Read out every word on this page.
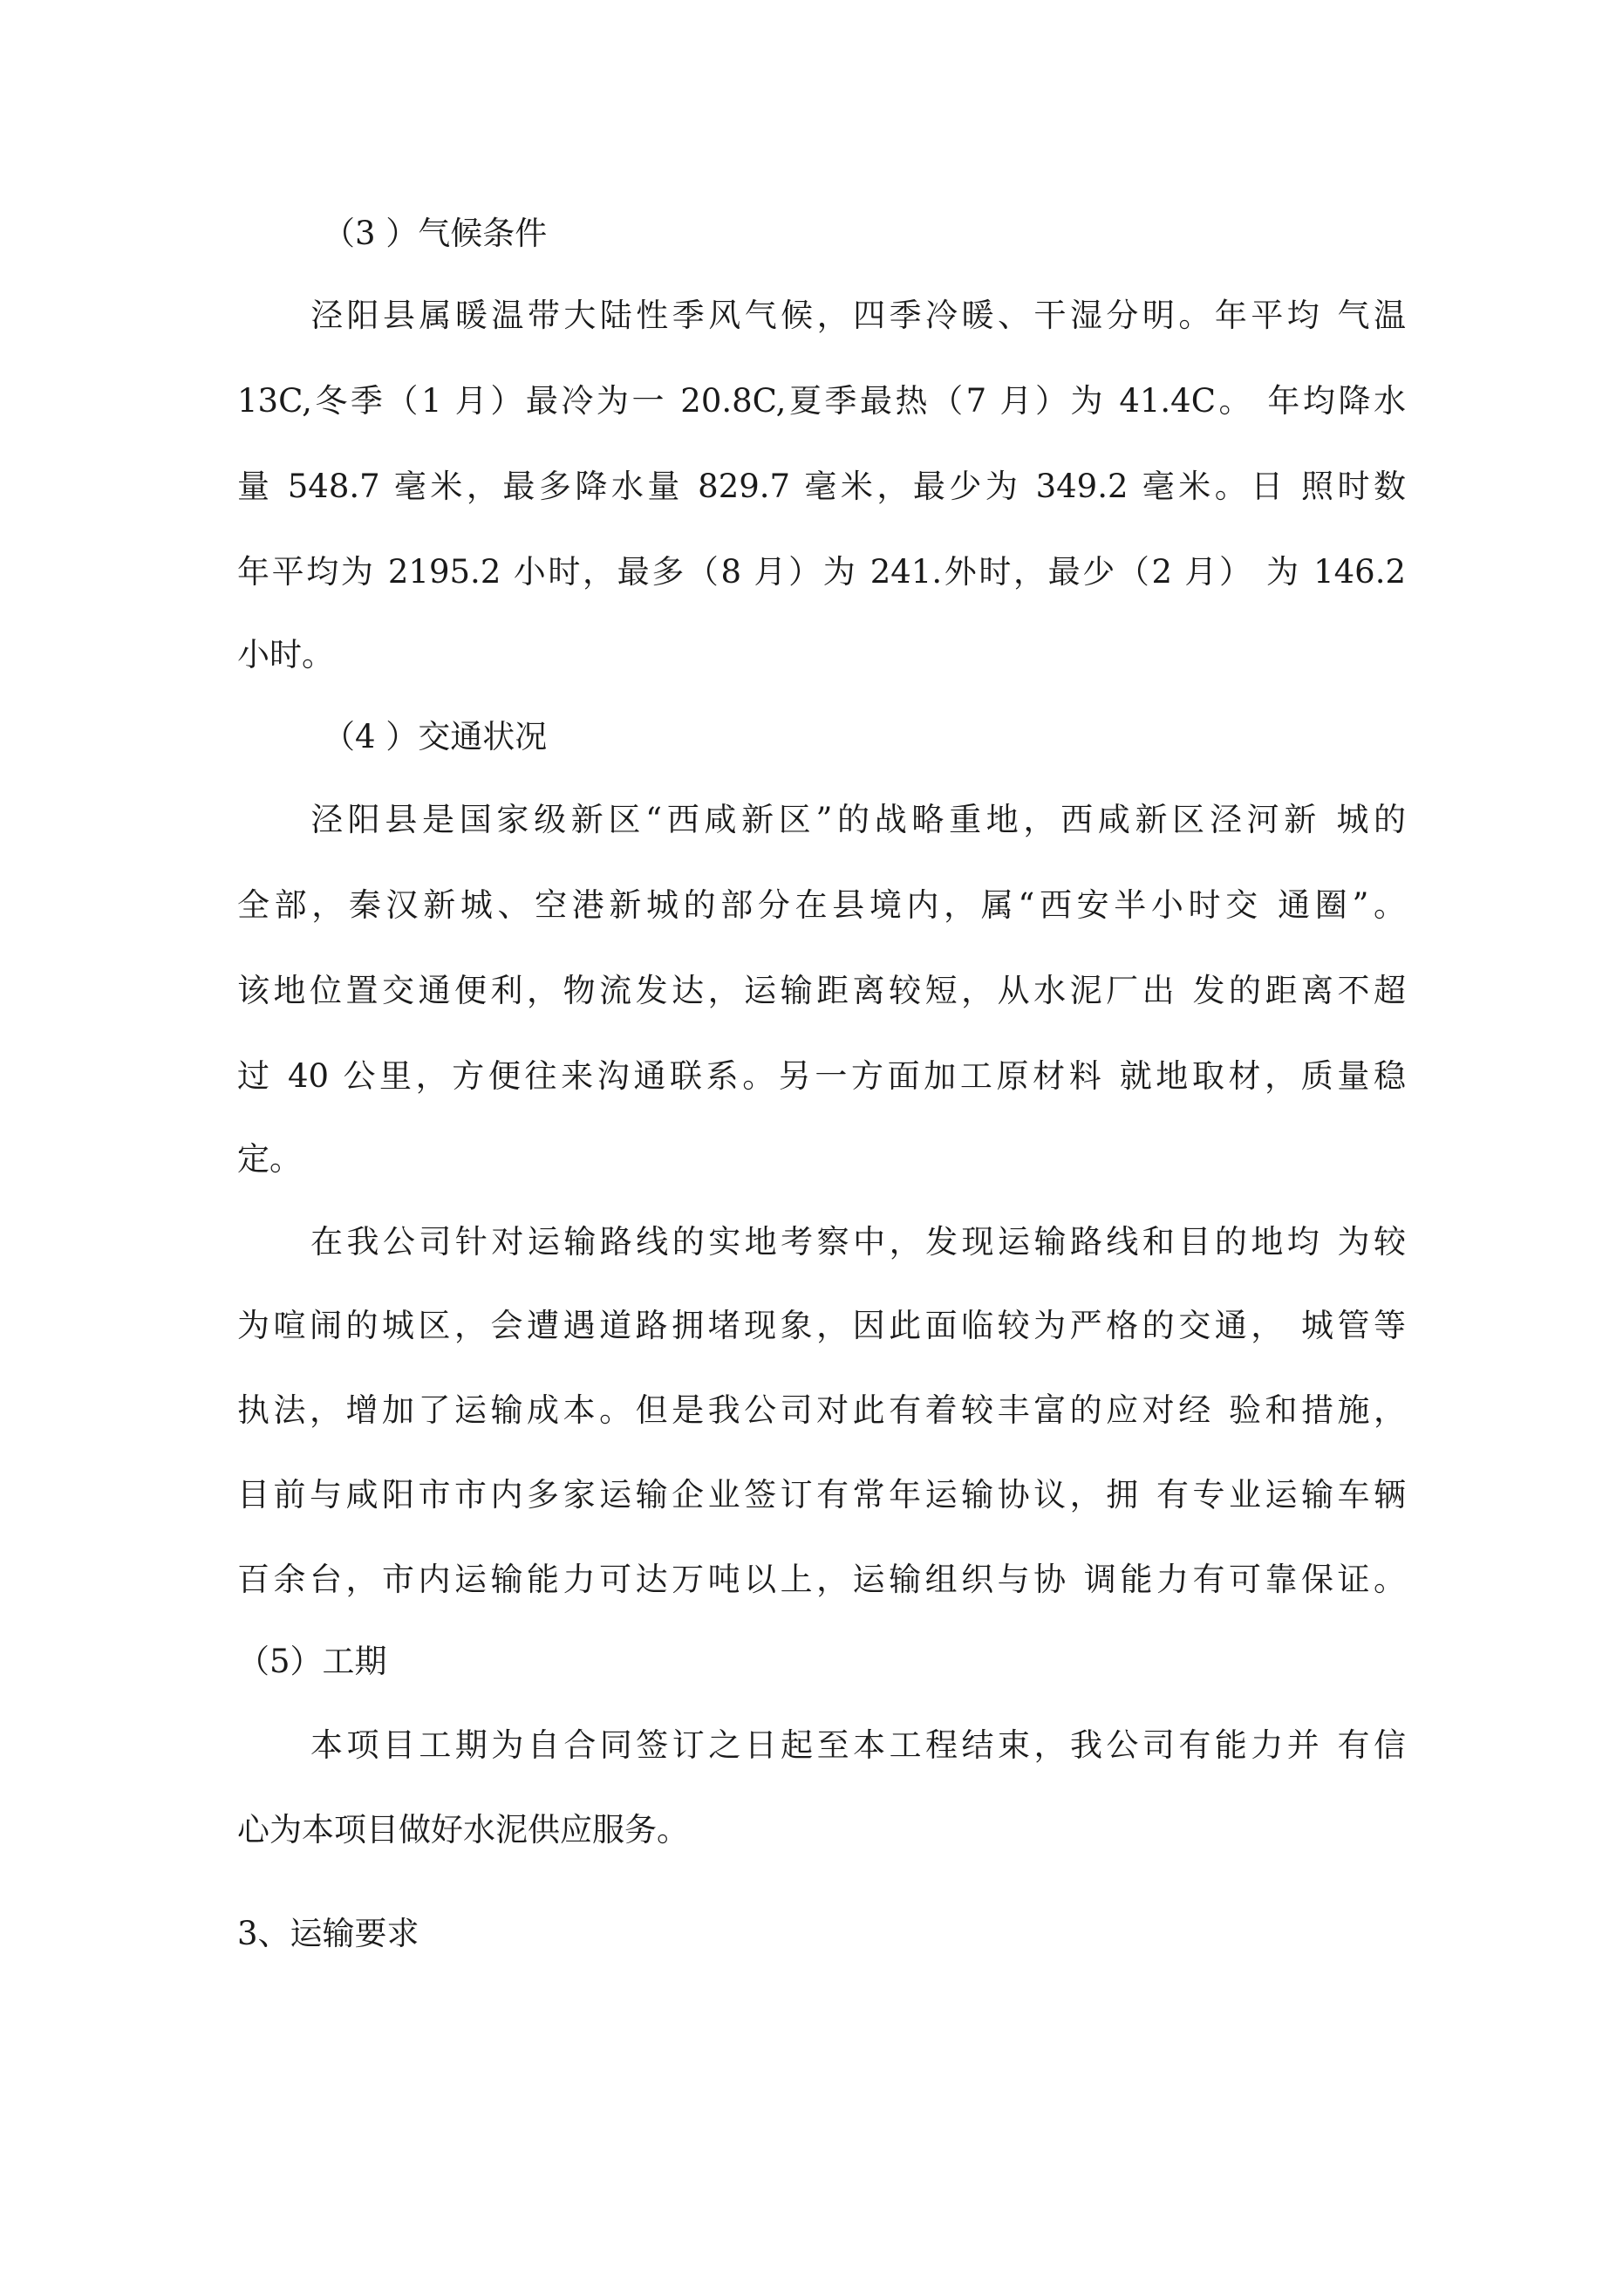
（3 ）气候条件
泾阳县属暖温带大陆性季风气候，四季冷暖、干湿分明。年平均 气温
13C,冬季（1 月）最冷为一 20.8C,夏季最热（7 月）为 41.4C。 年均降水
量 548.7 毫米，最多降水量 829.7 毫米，最少为 349.2 毫米。日 照时数
年平均为 2195.2 小时，最多（8 月）为 241.外时，最少（2 月） 为 146.2
小时。
（4 ）交通状况
泾阳县是国家级新区“西咸新区”的战略重地，西咸新区泾河新 城的
全部，秦汉新城、空港新城的部分在县境内，属“西安半小时交 通圈”。
该地位置交通便利，物流发达，运输距离较短，从水泥厂出 发的距离不超
过 40 公里，方便往来沟通联系。另一方面加工原材料 就地取材，质量稳
定。
在我公司针对运输路线的实地考察中，发现运输路线和目的地均 为较
为喧闹的城区，会遭遇道路拥堵现象，因此面临较为严格的交通， 城管等
执法，增加了运输成本。但是我公司对此有着较丰富的应对经 验和措施，
目前与咸阳市市内多家运输企业签订有常年运输协议，拥 有专业运输车辆
百余台，市内运输能力可达万吨以上，运输组织与协 调能力有可靠保证。
（5）工期
本项目工期为自合同签订之日起至本工程结束，我公司有能力并 有信
心为本项目做好水泥供应服务。
3、运输要求
